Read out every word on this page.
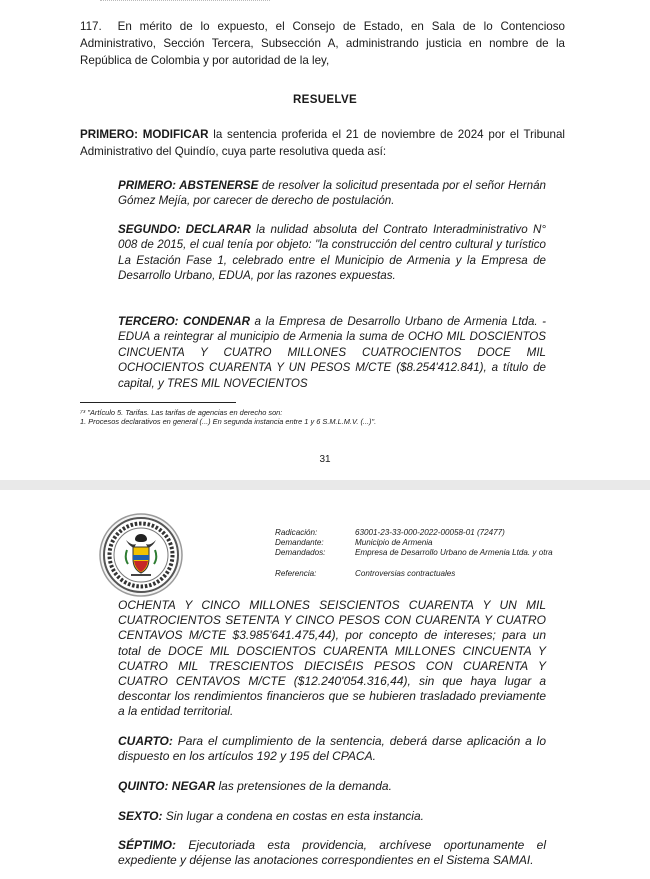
117. En mérito de lo expuesto, el Consejo de Estado, en Sala de lo Contencioso Administrativo, Sección Tercera, Subsección A, administrando justicia en nombre de la República de Colombia y por autoridad de la ley,
RESUELVE
PRIMERO: MODIFICAR la sentencia proferida el 21 de noviembre de 2024 por el Tribunal Administrativo del Quindío, cuya parte resolutiva queda así:
PRIMERO: ABSTENERSE de resolver la solicitud presentada por el señor Hernán Gómez Mejía, por carecer de derecho de postulación.
SEGUNDO: DECLARAR la nulidad absoluta del Contrato Interadministrativo N° 008 de 2015, el cual tenía por objeto: "la construcción del centro cultural y turístico La Estación Fase 1, celebrado entre el Municipio de Armenia y la Empresa de Desarrollo Urbano, EDUA, por las razones expuestas.
TERCERO: CONDENAR a la Empresa de Desarrollo Urbano de Armenia Ltda. -EDUA a reintegrar al municipio de Armenia la suma de OCHO MIL DOSCIENTOS CINCUENTA Y CUATRO MILLONES CUATROCIENTOS DOCE MIL OCHOCIENTOS CUARENTA Y UN PESOS M/CTE ($8.254'412.841), a título de capital, y TRES MIL NOVECIENTOS
⁷³ "Artículo 5. Tarifas. Las tarifas de agencias en derecho son:
1. Procesos declarativos en general (...) En segunda instancia entre 1 y 6 S.M.L.M.V. (...)".
31
Radicación:	63001-23-33-000-2022-00058-01 (72477)
Demandante:	Municipio de Armenia
Demandados:	Empresa de Desarrollo Urbano de Armenia Ltda. y otra
Referencia:	Controversias contractuales
OCHENTA Y CINCO MILLONES SEISCIENTOS CUARENTA Y UN MIL CUATROCIENTOS SETENTA Y CINCO PESOS CON CUARENTA Y CUATRO CENTAVOS M/CTE $3.985'641.475,44), por concepto de intereses; para un total de DOCE MIL DOSCIENTOS CUARENTA MILLONES CINCUENTA Y CUATRO MIL TRESCIENTOS DIECISÉIS PESOS CON CUARENTA Y CUATRO CENTAVOS M/CTE ($12.240'054.316,44), sin que haya lugar a descontar los rendimientos financieros que se hubieren trasladado previamente a la entidad territorial.
CUARTO: Para el cumplimiento de la sentencia, deberá darse aplicación a lo dispuesto en los artículos 192 y 195 del CPACA.
QUINTO: NEGAR las pretensiones de la demanda.
SEXTO: Sin lugar a condena en costas en esta instancia.
SÉPTIMO: Ejecutoriada esta providencia, archívese oportunamente el expediente y déjense las anotaciones correspondientes en el Sistema SAMAI.
